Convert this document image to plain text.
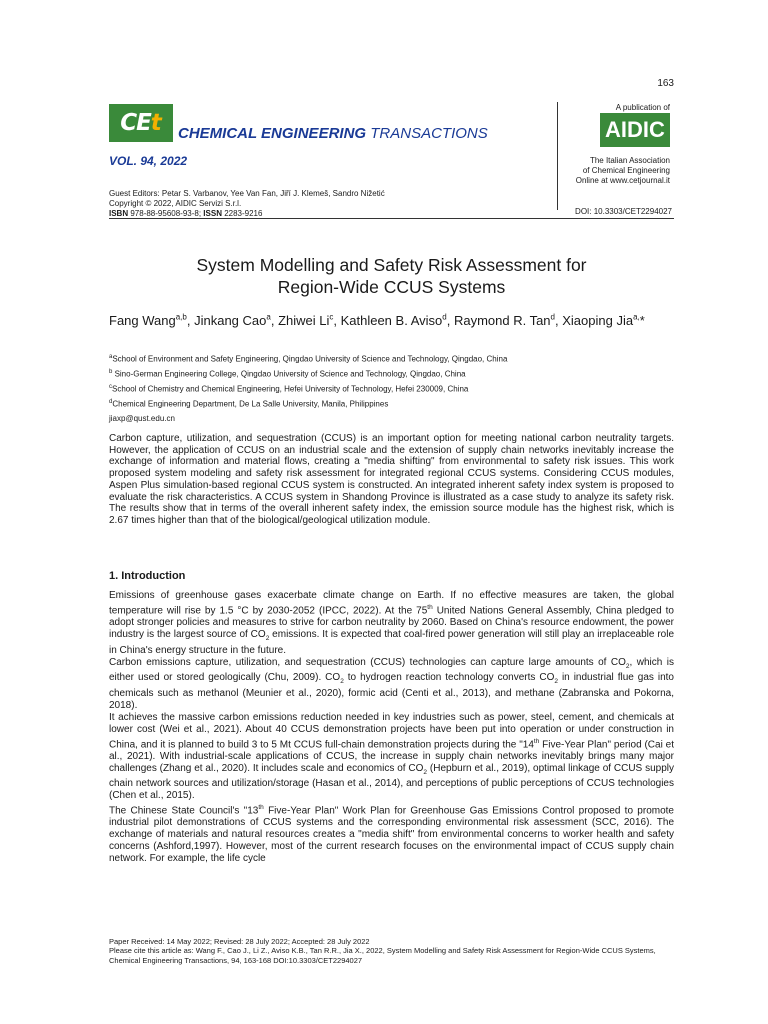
163
CE t CHEMICAL ENGINEERING TRANSACTIONS
VOL. 94, 2022
A publication of
AIDIC
The Italian Association
of Chemical Engineering
Online at www.cetjournal.it
Guest Editors: Petar S. Varbanov, Yee Van Fan, Jiří J. Klemeš, Sandro Nižetić
Copyright © 2022, AIDIC Servizi S.r.l.
ISBN 978-88-95608-93-8; ISSN 2283-9216	DOI: 10.3303/CET2294027
System Modelling and Safety Risk Assessment for
Region-Wide CCUS Systems
Fang Wang$^{a,b}$, Jinkang Cao$^a$, Zhiwei Li$^c$, Kathleen B. Aviso$^d$, Raymond R. Tan$^d$, Xiaoping Jia$^{a,}$*
$^a$School of Environment and Safety Engineering, Qingdao University of Science and Technology, Qingdao, China
$^b$ Sino-German Engineering College, Qingdao University of Science and Technology, Qingdao, China
$^c$School of Chemistry and Chemical Engineering, Hefei University of Technology, Hefei 230009, China
$^d$Chemical Engineering Department, De La Salle University, Manila, Philippines
jiaxp@qust.edu.cn
Carbon capture, utilization, and sequestration (CCUS) is an important option for meeting national carbon neutrality targets. However, the application of CCUS on an industrial scale and the extension of supply chain networks inevitably increase the exchange of information and material flows, creating a "media shifting" from environmental to safety risk issues. This work proposed system modeling and safety risk assessment for integrated regional CCUS systems. Considering CCUS modules, Aspen Plus simulation-based regional CCUS system is constructed. An integrated inherent safety index system is proposed to evaluate the risk characteristics. A CCUS system in Shandong Province is illustrated as a case study to analyze its safety risk. The results show that in terms of the overall inherent safety index, the emission source module has the highest risk, which is 2.67 times higher than that of the biological/geological utilization module.
1. Introduction

Emissions of greenhouse gases exacerbate climate change on Earth. If no effective measures are taken, the global temperature will rise by 1.5 °C by 2030-2052 (IPCC, 2022). At the 75th United Nations General Assembly, China pledged to adopt stronger policies and measures to strive for carbon neutrality by 2060. Based on China's resource endowment, the power industry is the largest source of $CO_2$ emissions. It is expected that coal-fired power generation will still play an irreplaceable role in China's energy structure in the future.

Carbon emissions capture, utilization, and sequestration (CCUS) technologies can capture large amounts of $CO_2$, which is either used or stored geologically (Chu, 2009). $CO_2$ to hydrogen reaction technology converts $CO_2$ in industrial flue gas into chemicals such as methanol (Meunier et al., 2020), formic acid (Centi et al., 2013), and methane (Zabranska and Pokorna, 2018).

It achieves the massive carbon emissions reduction needed in key industries such as power, steel, cement, and chemicals at lower cost (Wei et al., 2021). About 40 CCUS demonstration projects have been put into operation or under construction in China, and it is planned to build 3 to 5 Mt CCUS full-chain demonstration projects during the "14th Five-Year Plan" period (Cai et al., 2021). With industrial-scale applications of CCUS, the increase in supply chain networks inevitably brings many major challenges (Zhang et al., 2020). It includes scale and economics of $CO_2$ (Hepburn et al., 2019), optimal linkage of CCUS supply chain network sources and utilization/storage (Hasan et al., 2014), and perceptions of public perceptions of CCUS technologies (Chen et al., 2015).

The Chinese State Council's "13th Five-Year Plan" Work Plan for Greenhouse Gas Emissions Control proposed to promote industrial pilot demonstrations of CCUS systems and the corresponding environmental risk assessment (SCC, 2016). The exchange of materials and natural resources creates a "media shift" from environmental concerns to worker health and safety concerns (Ashford,1997). However, most of the current research focuses on the environmental impact of CCUS supply chain network. For example, the life cycle

Paper Received: 14 May 2022; Revised: 28 July 2022; Accepted: 28 July 2022
Please cite this article as: Wang F., Cao J., Li Z., Aviso K.B., Tan R.R., Jia X., 2022, System Modelling and Safety Risk Assessment for Region-Wide CCUS Systems, Chemical Engineering Transactions, 94, 163-168 DOI:10.3303/CET2294027
